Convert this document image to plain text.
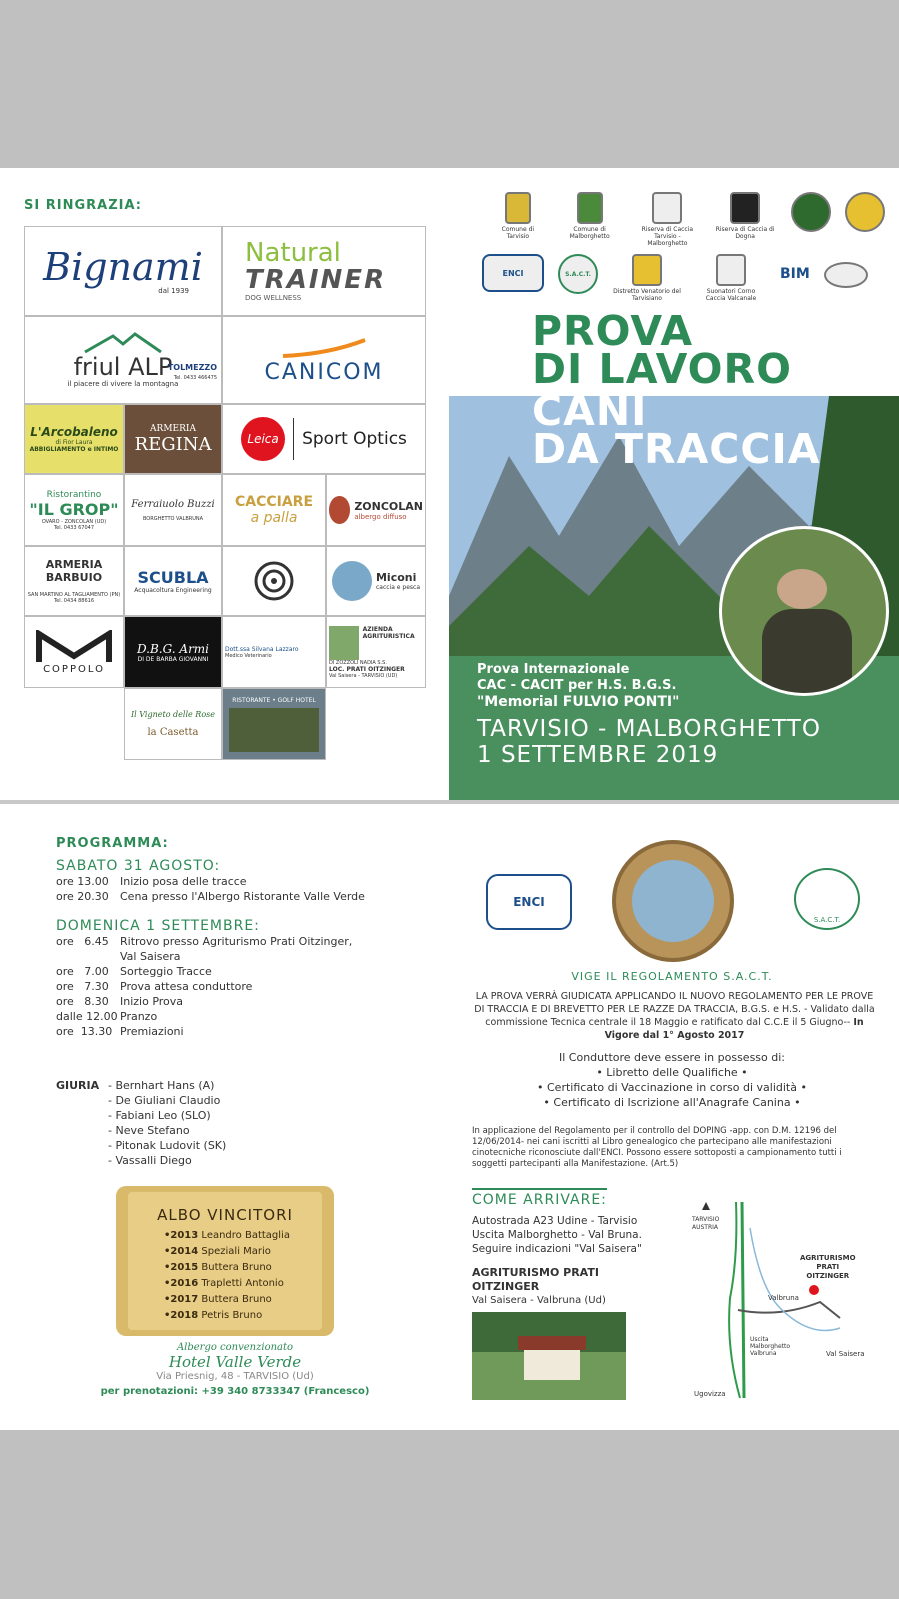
SI RINGRAZIA:
Bignami
dal 1939
Natural
TRAINER
DOG WELLNESS
friul ALP
il piacere di vivere la montagna
TOLMEZZO
Tel. 0433 466475 CANICOM
L'Arcobaleno
di Fior Laura
ABBIGLIAMENTO e INTIMO
ARMERIA
REGINA	Leica	Sport Optics
Ristorantino
"IL GROP"
OVARO - ZONCOLAN (UD)
Tel. 0433 67047
Ferraiuolo Buzzi
BORGHETTO VALBRUNA
CACCIARE
a palla
ZONCOLAN
albergo diffuso
ARMERIA BARBUIO
SAN MARTINO AL TAGLIAMENTO (PN)
Tel. 0434 88616
SCUBLA
Acquacoltura Engineering
Miconi
caccia e pesca
COPPOLO
D.B.G. Armi
DI DE BARBA GIOVANNI
Dott.ssa Silvana Lazzaro
Medico Veterinario
AZIENDA AGRITURISTICA
DI ZOZZOLI NADIA S.S.
LOC. PRATI OITZINGER
Val Saisera - TARVISIO (UD)
Il Vigneto delle Rose
la Casetta
RISTORANTE • GOLF HOTEL
Comune di Tarvisio
Comune di Malborghetto
Riserva di Caccia Tarvisio - Malborghetto
Riserva di Caccia di Dogna
ENCI	S.A.C.T.
Distretto Venatorio del Tarvisiano
Suonatori Corno Caccia Valcanale
BIM
Prova Internazionale
CAC - CACIT per H.S. B.G.S.
"Memorial FULVIO PONTI"
TARVISIO - MALBORGHETTO
1 SETTEMBRE 2019
PROVA
DI LAVORO
CANI
DA TRACCIA
PROGRAMMA:
SABATO 31 AGOSTO:
ore 13.00	Inizio posa delle tracce
ore 20.30	Cena presso l'Albergo Ristorante Valle Verde
DOMENICA 1 SETTEMBRE:
ore   6.45	Ritrovo presso Agriturismo Prati Oitzinger,
Val Saisera
ore   7.00	Sorteggio Tracce
ore   7.30	Prova attesa conduttore
ore   8.30	Inizio Prova
dalle 12.00 Pranzo
ore  13.30 Premiazioni
GIURIA - Bernhart Hans (A)
- De Giuliani Claudio
- Fabiani Leo (SLO)
- Neve Stefano
- Pitonak Ludovit (SK)
- Vassalli Diego
ALBO VINCITORI
•2013 Leandro Battaglia
•2014 Speziali Mario
•2015 Buttera Bruno
•2016 Trapletti Antonio
•2017 Buttera Bruno
•2018 Petris Bruno
Albergo convenzionato
Hotel Valle Verde
Via Priesnig, 48 - TARVISIO (Ud)
per prenotazioni: +39 340 8733347 (Francesco)
ENCI
S.A.C.T.
VIGE IL REGOLAMENTO S.A.C.T.
LA PROVA VERRÀ GIUDICATA APPLICANDO IL NUOVO REGOLAMENTO PER LE PROVE DI TRACCIA E DI BREVETTO PER LE RAZZE DA TRACCIA, B.G.S. e H.S. - Validato dalla commissione Tecnica centrale il 18 Maggio e ratificato dal C.C.E il 5 Giugno-- In Vigore dal 1° Agosto 2017
Il Conduttore deve essere in possesso di:
• Libretto delle Qualifiche •
• Certificato di Vaccinazione in corso di validità •
• Certificato di Iscrizione all'Anagrafe Canina •
In applicazione del Regolamento per il controllo del DOPING -app. con D.M. 12196 del 12/06/2014- nei cani iscritti al Libro genealogico che partecipano alle manifestazioni cinotecniche riconosciute dall'ENCI. Possono essere sottoposti a campionamento tutti i soggetti partecipanti alla Manifestazione. (Art.5)
COME ARRIVARE:
Autostrada A23 Udine - Tarvisio
Uscita Malborghetto - Val Bruna.
Seguire indicazioni "Val Saisera"
AGRITURISMO PRATI
OITZINGER
Val Saisera - Valbruna (Ud)
TARVISIO
AUSTRIA
AGRITURISMO
PRATI
OITZINGER
Valbruna
Uscita
Malborghetto
Valbruna	Val Saisera
Ugovizza
